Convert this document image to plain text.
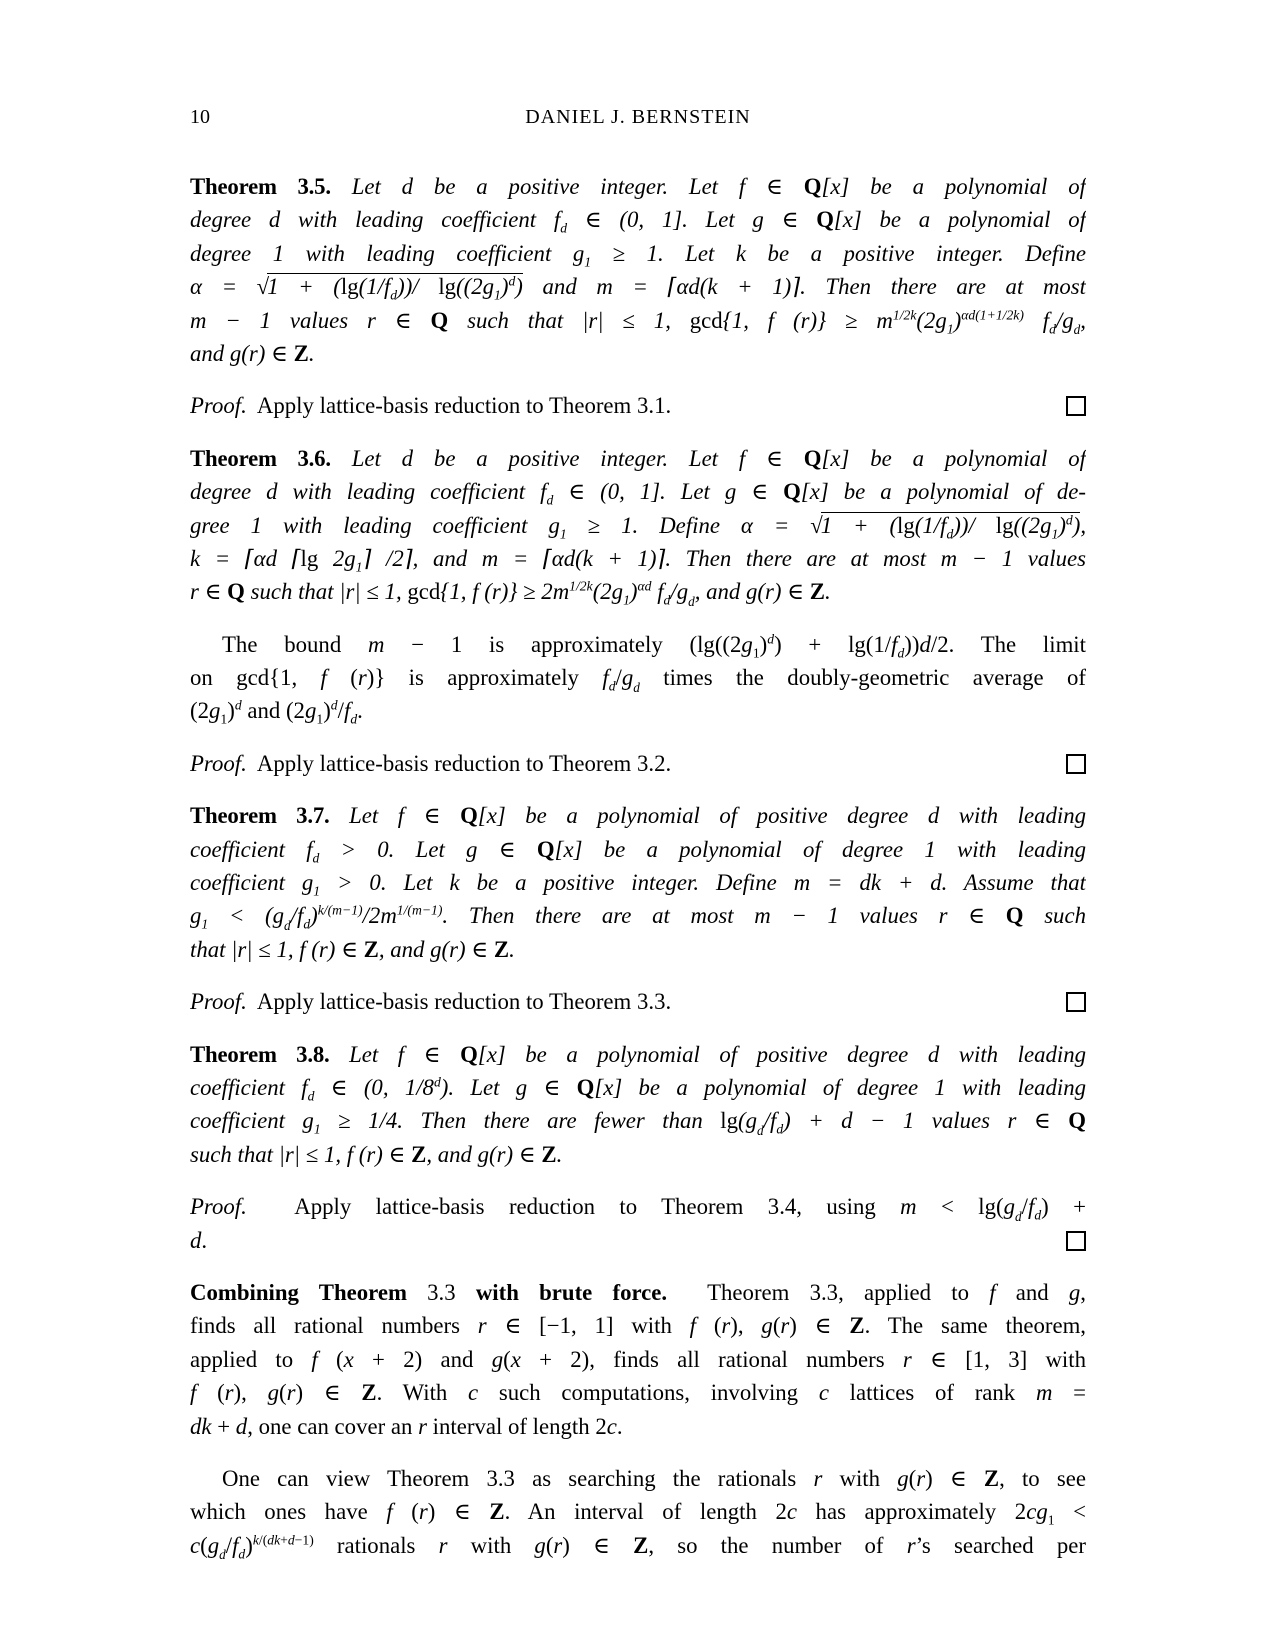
10	DANIEL J. BERNSTEIN
Theorem 3.5. Let d be a positive integer. Let f ∈ Q[x] be a polynomial of
degree d with leading coefficient $f_d$ ∈ (0, 1]. Let g ∈ Q[x] be a polynomial of
degree 1 with leading coefficient $g_1 \ge 1$. Let k be a positive integer. Define
$\alpha = √1 + (\lg(1/f_d))/$ $\lg((2g_1)^d)$ and m = ⌈αd(k + 1)⌉. Then there are at most
m − 1 values r ∈ Q such that |r| ≤ 1, gcd{1, f $(r)\} \ge m^{1/2k}(2g_1)^{\alpha d(1+1/2k)}$ $f_d/g$ d ,
and g(r) ∈ Z.
Proof.  Apply lattice-basis reduction to Theorem 3.1.
Theorem 3.6. Let d be a positive integer. Let f ∈ Q[x] be a polynomial of
degree d with leading coefficient $f_d$ ∈ (0, 1]. Let g ∈ Q[x] be a polynomial of de-
gree 1 with leading coefficient $g_1 \ge 1$. Define $\alpha = √1 + (\lg(1/f_d))/$ $\lg((2g_1)^d)$,
k = ⌈αd ⌈lg $2g_1⌉$ /2⌉, and m = ⌈αd(k + 1)⌉. Then there are at most m − 1 values
r ∈ Q such that |r| ≤ 1, gcd{1, f $(r)\} \ge 2m^{1/2k}(2g_1)^{\alpha d}$ $f_d/g$ d , and g(r) ∈ Z.
The bound m − 1 is approximately $(\lg((2g_1)^d) + \lg(1/f_d))d/2$. The limit
on gcd{1, f (r)} is approximately $f_d/g$ d times the doubly-geometric average of
$(2g_1)^d$ and $(2g_1)^d/f_d$.
Proof.  Apply lattice-basis reduction to Theorem 3.2.
Theorem 3.7. Let f ∈ Q[x] be a polynomial of positive degree d with leading
coefficient $f_d > 0$. Let g ∈ Q[x] be a polynomial of degree 1 with leading
coefficient $g_1 > 0$. Let k be a positive integer. Define m = dk + d. Assume that
$g_1 < (g$ d $/f_d)^{k/(m-1)}/2m^{1/(m-1)}$. Then there are at most m − 1 values r ∈ Q such
that |r| ≤ 1, f (r) ∈ Z, and g(r) ∈ Z.
Proof.  Apply lattice-basis reduction to Theorem 3.3.
Theorem 3.8. Let f ∈ Q[x] be a polynomial of positive degree d with leading
coefficient $f_d$ ∈ (0, 1/8$^d$). Let g ∈ Q[x] be a polynomial of degree 1 with leading
coefficient $g_1 \ge 1/4$. Then there are fewer than lg(g d $/f_d) + d - 1$ values r ∈ Q
such that |r| ≤ 1, f (r) ∈ Z, and g(r) ∈ Z.
Proof.  Apply lattice-basis reduction to Theorem 3.4, using m < lg(g d $/f_d$) +
d.
Combining Theorem 3.3 with brute force.  Theorem 3.3, applied to f and g,
finds all rational numbers r ∈ [−1, 1] with f (r), g(r) ∈ Z. The same theorem,
applied to f (x + 2) and g(x + 2), finds all rational numbers r ∈ [1, 3] with
f (r), g(r) ∈ Z. With c such computations, involving c lattices of rank m =
dk + d, one can cover an r interval of length 2c.
One can view Theorem 3.3 as searching the rationals r with g(r) ∈ Z, to see
which ones have f (r) ∈ Z. An interval of length 2c has approximately $2cg_1$ <
c(g d $/f_d)^{k/(dk+d-1)}$ rationals r with g(r) ∈ Z, so the number of r’s searched per
